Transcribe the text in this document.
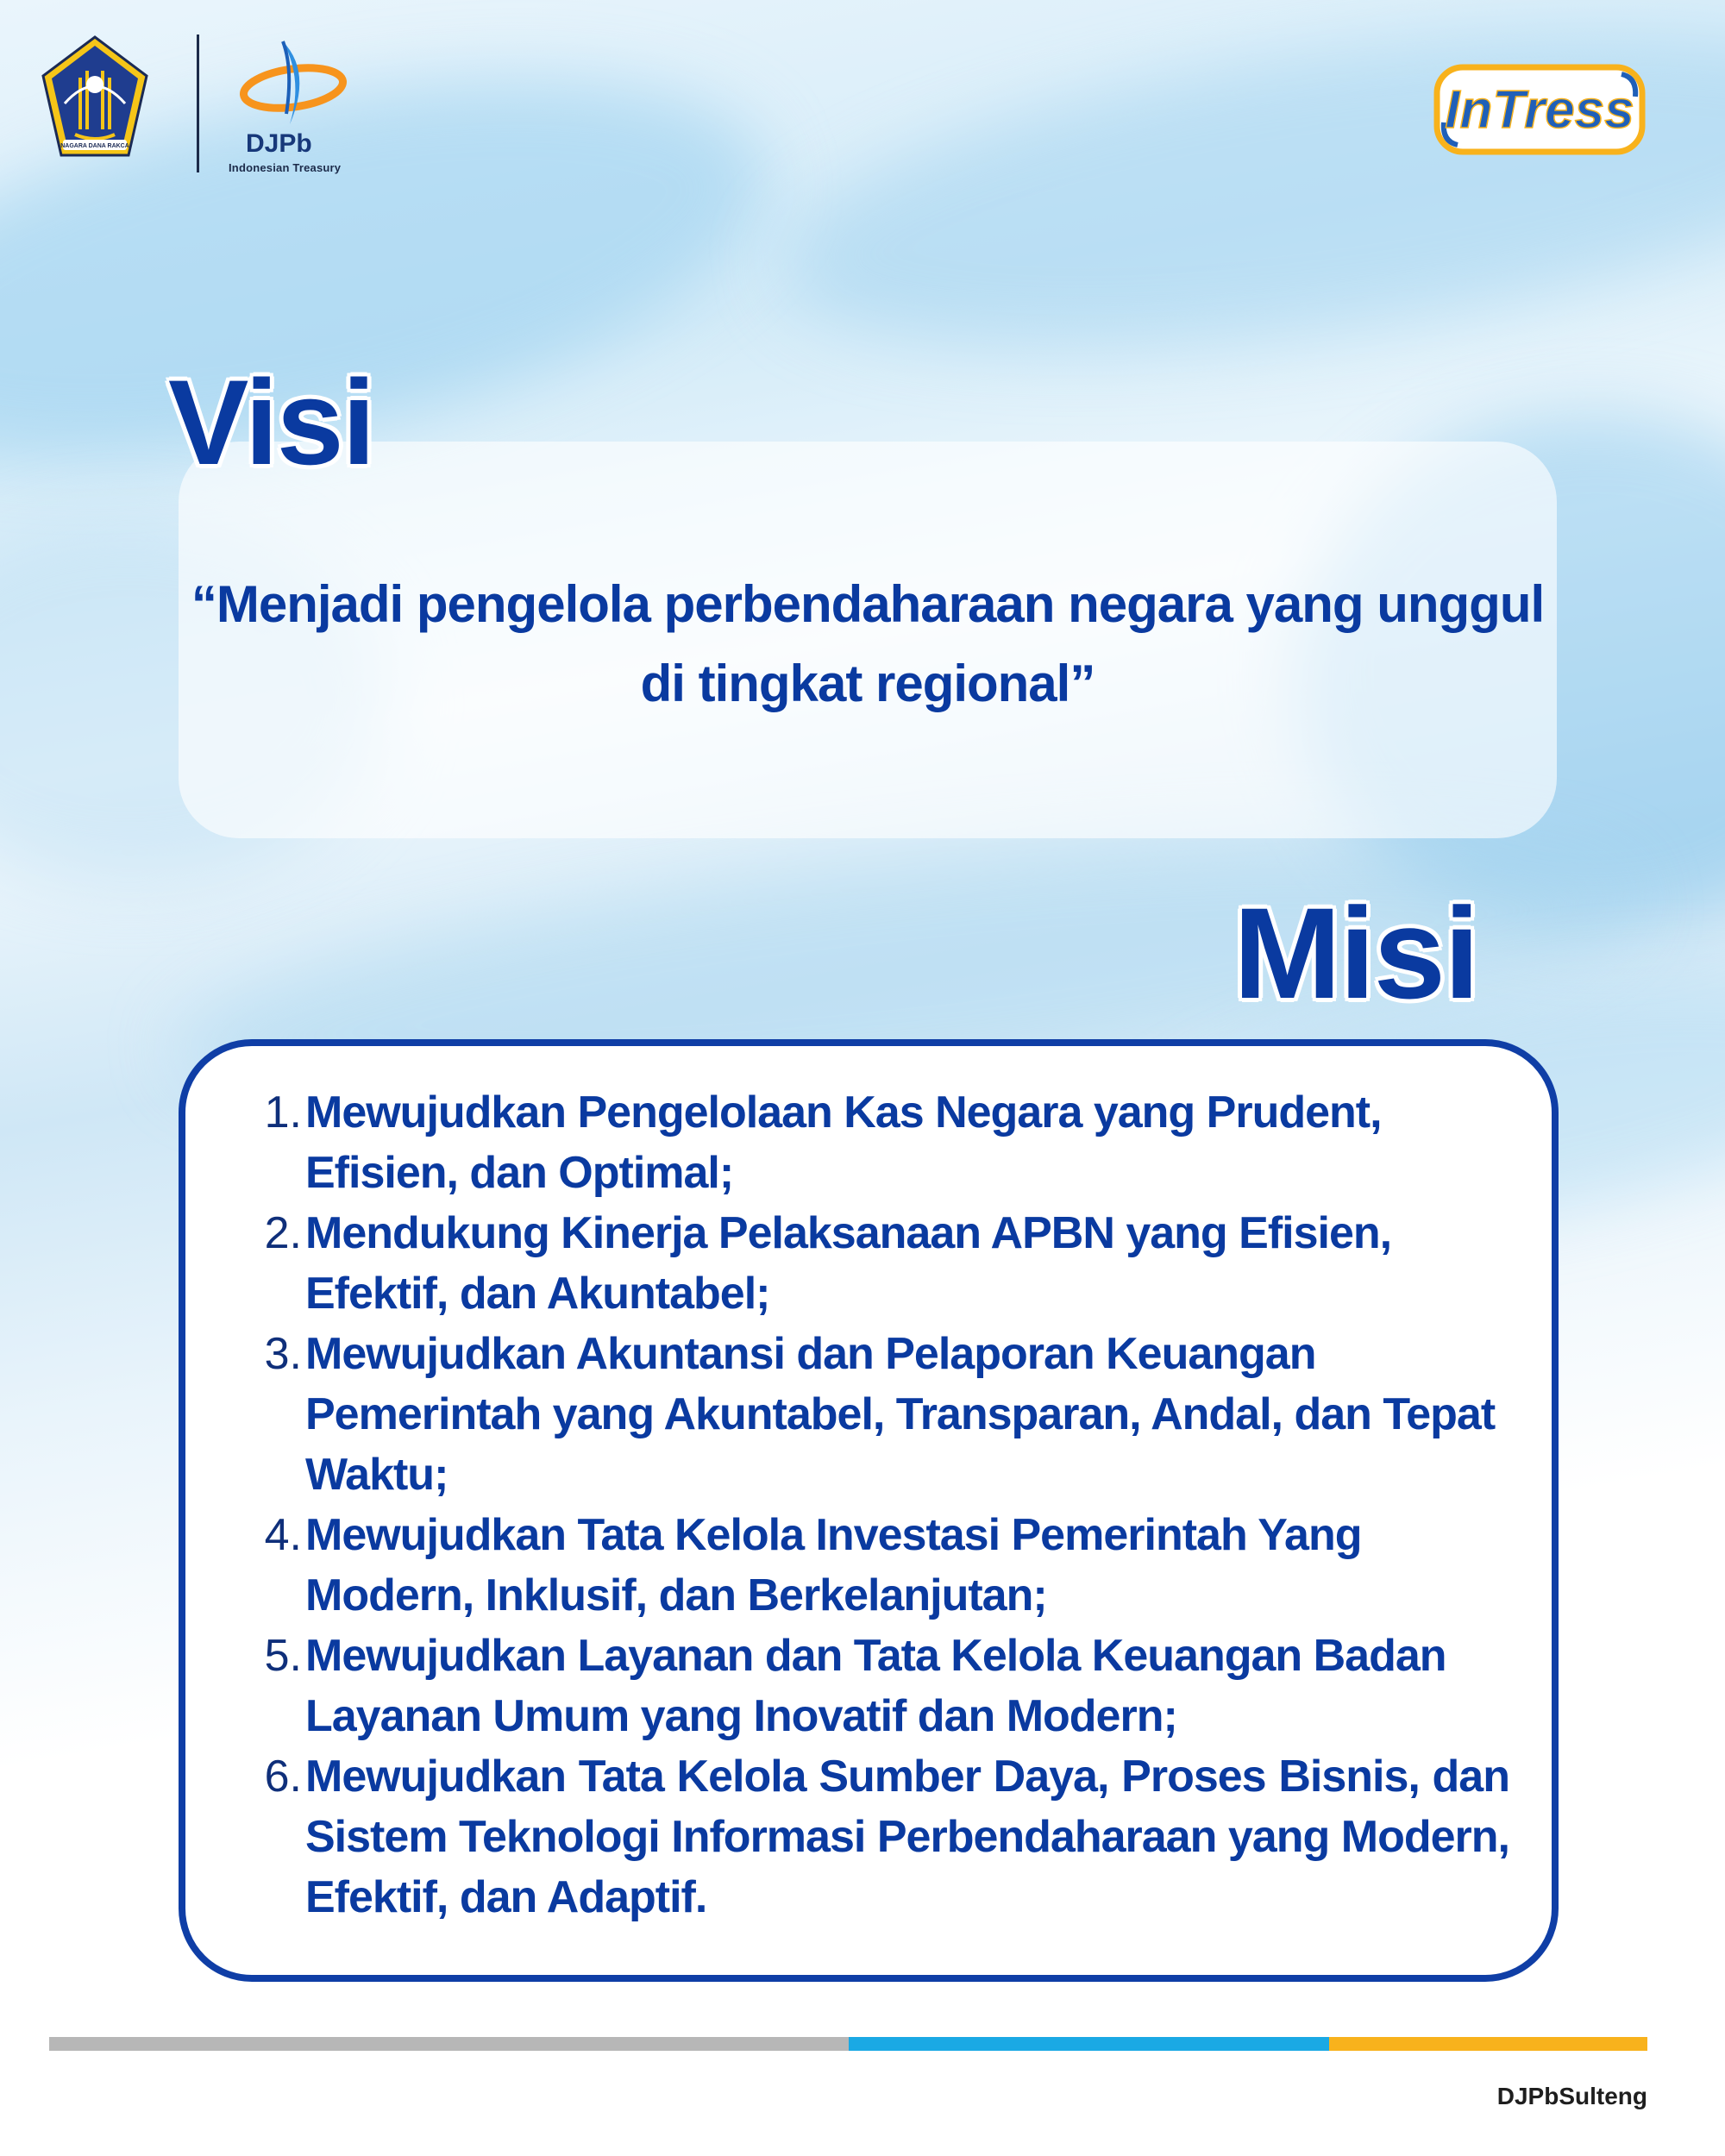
NAGARA DANA RAKCA	DJPb
Indonesian Treasury
InTress
Visi

“Menjadi pengelola perbendaharaan negara yang unggul di tingkat regional”

Misi
1. Mewujudkan Pengelolaan Kas Negara yang Prudent, Efisien, dan Optimal;
2. Mendukung Kinerja Pelaksanaan APBN yang Efisien, Efektif, dan Akuntabel;
3. Mewujudkan Akuntansi dan Pelaporan Keuangan Pemerintah yang Akuntabel, Transparan, Andal, dan Tepat Waktu;
4. Mewujudkan Tata Kelola Investasi Pemerintah Yang Modern, Inklusif, dan Berkelanjutan;
5. Mewujudkan Layanan dan Tata Kelola Keuangan Badan Layanan Umum yang Inovatif dan Modern;
6. Mewujudkan Tata Kelola Sumber Daya, Proses Bisnis, dan Sistem Teknologi Informasi Perbendaharaan yang Modern, Efektif, dan Adaptif.
DJPbSulteng
